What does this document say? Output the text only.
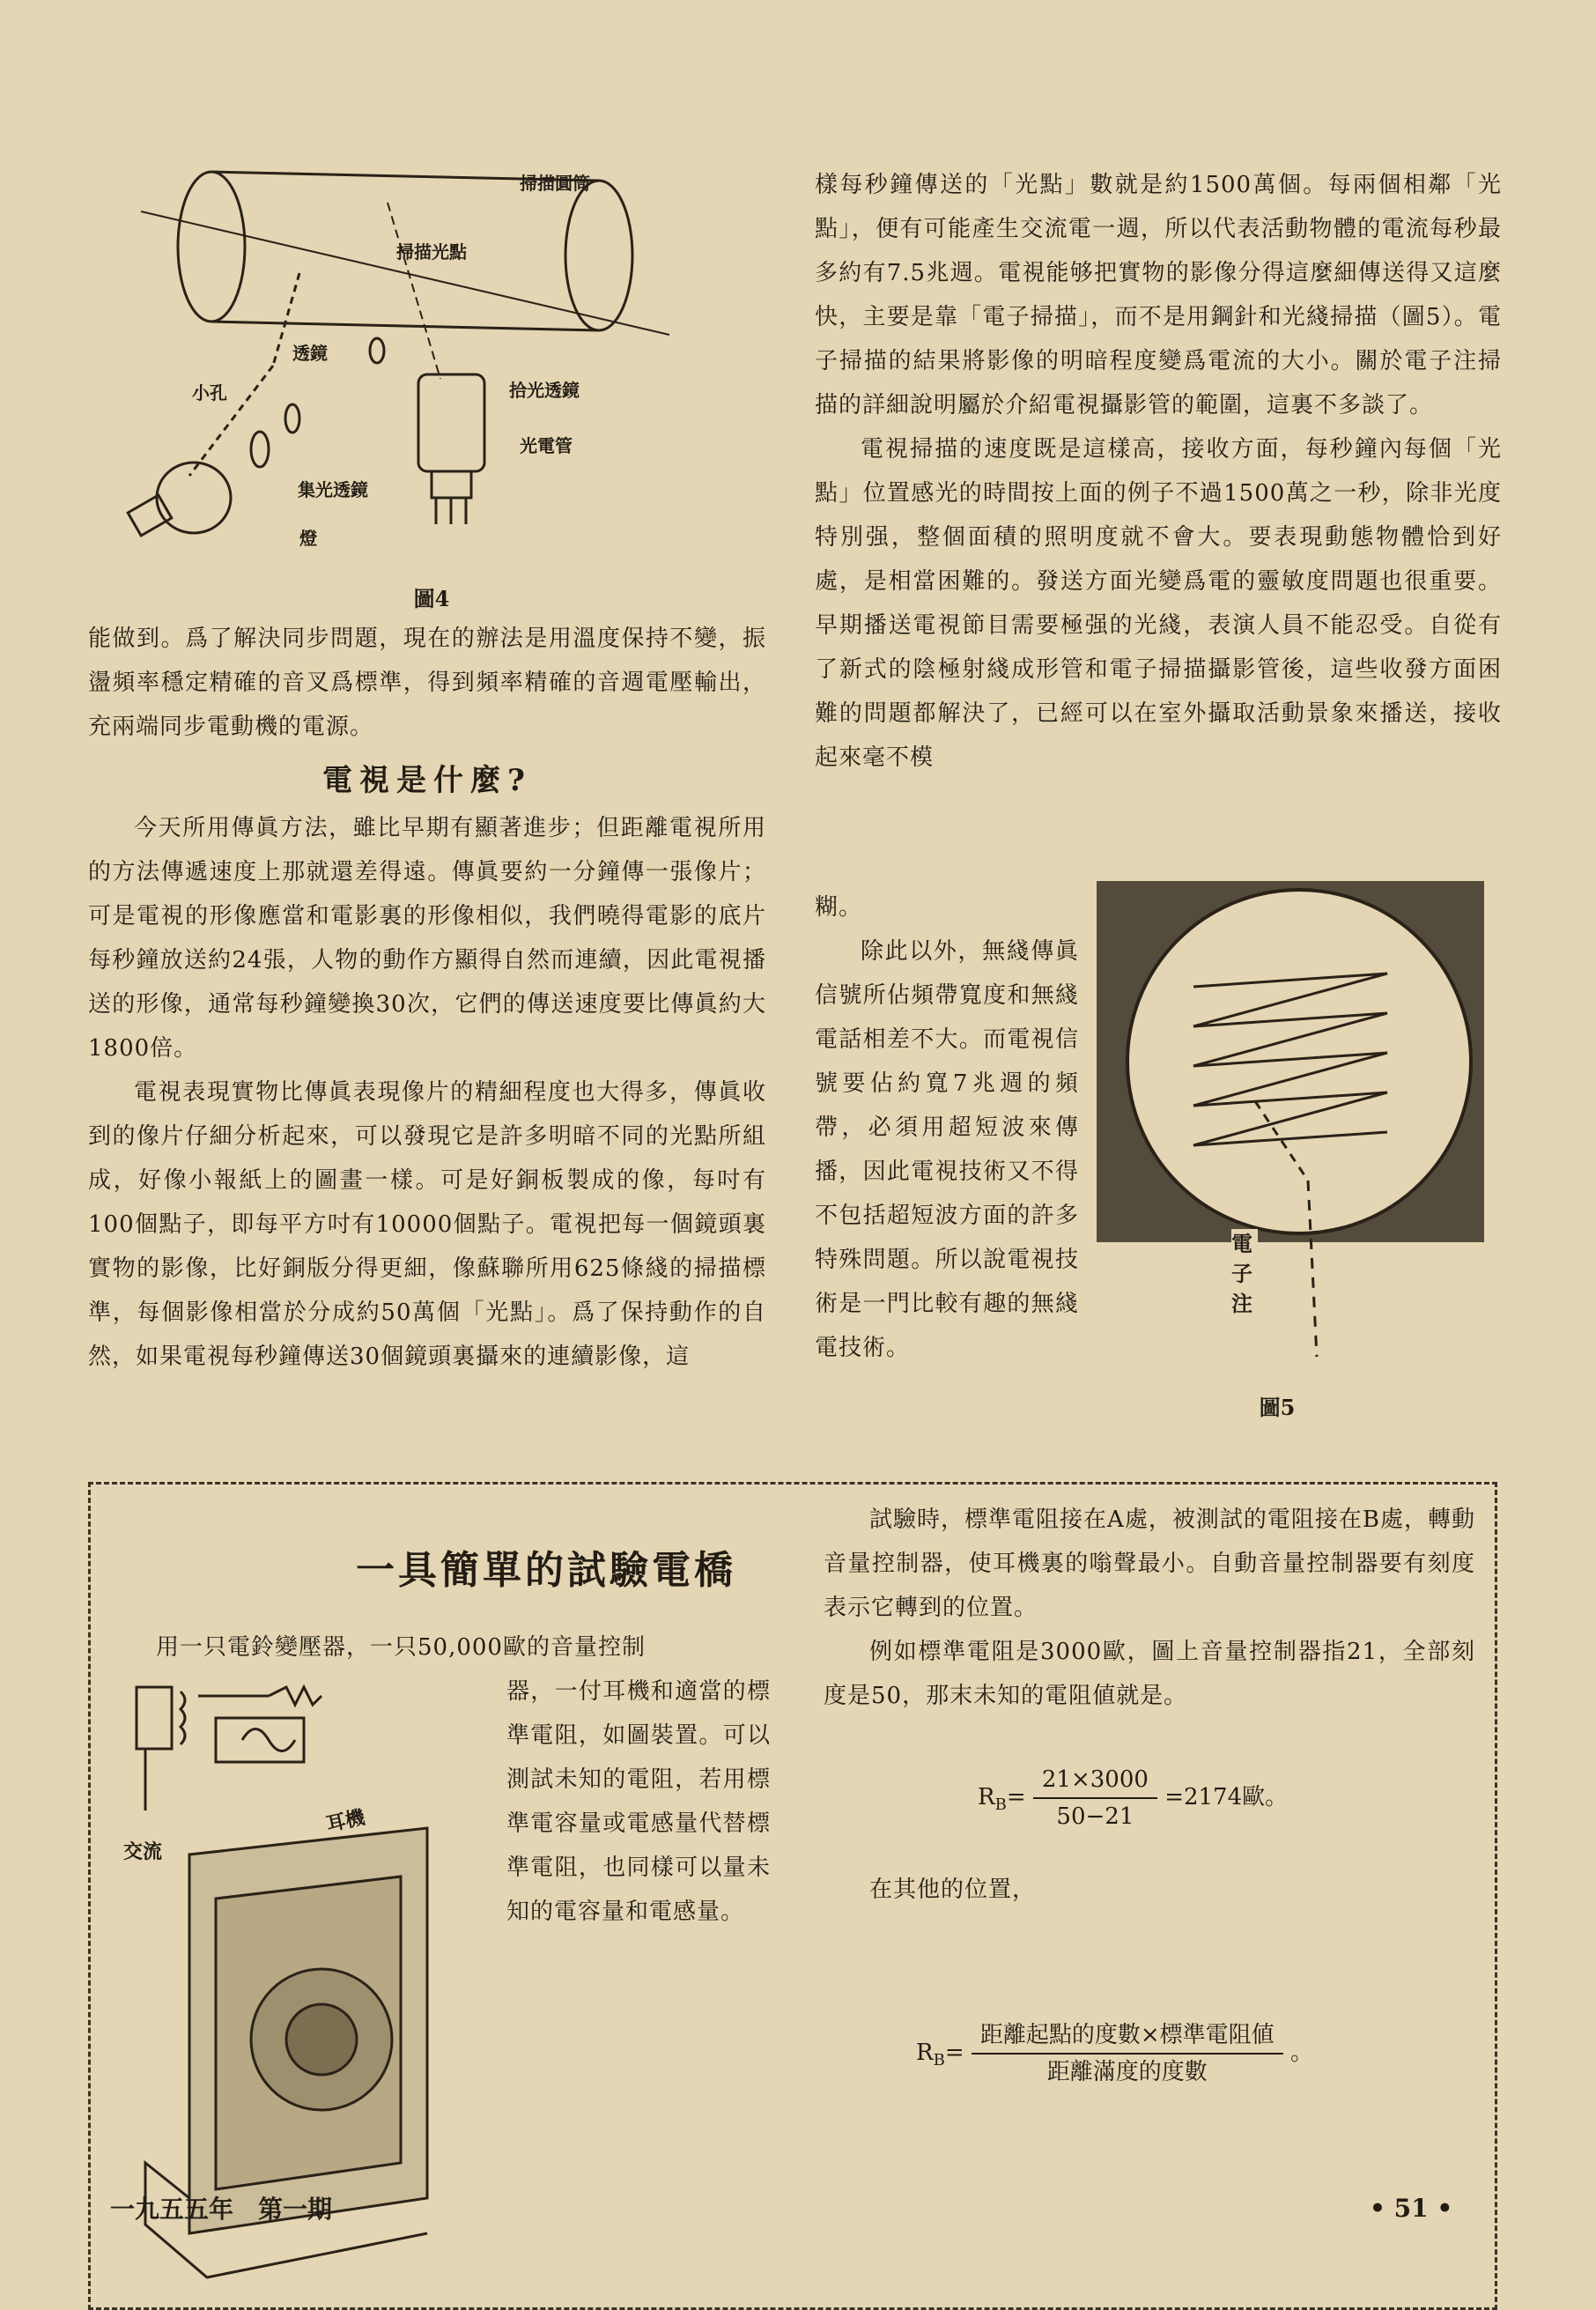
掃描圓筒
掃描光點
透鏡
小孔	拾光透鏡
光電管
集光透鏡
燈
圖4

能做到。爲了解決同步問題，現在的辦法是用溫度保持不變，振盪頻率穩定精確的音叉爲標準，得到頻率精確的音週電壓輸出，充兩端同步電動機的電源。

電視是什麼?

今天所用傳眞方法，雖比早期有顯著進步；但距離電視所用的方法傳遞速度上那就還差得遠。傳眞要約一分鐘傳一張像片；可是電視的形像應當和電影裏的形像相似，我們曉得電影的底片每秒鐘放送約24張，人物的動作方顯得自然而連續，因此電視播送的形像，通常每秒鐘變換30次，它們的傳送速度要比傳眞約大1800倍。

電視表現實物比傳眞表現像片的精細程度也大得多，傳眞收到的像片仔細分析起來，可以發現它是許多明暗不同的光點所組成，好像小報紙上的圖畫一樣。可是好銅板製成的像，每吋有100個點子，即每平方吋有10000個點子。電視把每一個鏡頭裏實物的影像，比好銅版分得更細，像蘇聯所用625條綫的掃描標準，每個影像相當於分成約50萬個「光點」。爲了保持動作的自然，如果電視每秒鐘傳送30個鏡頭裏攝來的連續影像，這

樣每秒鐘傳送的「光點」數就是約1500萬個。每兩個相鄰「光點」，便有可能產生交流電一週，所以代表活動物體的電流每秒最多約有7.5兆週。電視能够把實物的影像分得這麼細傳送得又這麼快，主要是靠「電子掃描」，而不是用鋼針和光綫掃描（圖5）。電子掃描的結果將影像的明暗程度變爲電流的大小。關於電子注掃描的詳細說明屬於介紹電視攝影管的範圍，這裏不多談了。

電視掃描的速度既是這樣高，接收方面，每秒鐘內每個「光點」位置感光的時間按上面的例子不過1500萬之一秒，除非光度特別强，整個面積的照明度就不會大。要表現動態物體恰到好處，是相當困難的。發送方面光變爲電的靈敏度問題也很重要。早期播送電視節目需要極强的光綫，表演人員不能忍受。自從有了新式的陰極射綫成形管和電子掃描攝影管後，這些收發方面困難的問題都解決了，已經可以在室外攝取活動景象來播送，接收起來毫不模

糊。

除此以外，無綫傳眞信號所佔頻帶寬度和無綫電話相差不大。而電視信號要佔約寬7兆週的頻帶，必須用超短波來傳播，因此電視技術又不得不包括超短波方面的許多特殊問題。所以說電視技術是一門比較有趣的無綫電技術。

電子注
圖5
一具簡單的試驗電橋

用一只電鈴變壓器，一只50,000歐的音量控制

器，一付耳機和適當的標準電阻，如圖裝置。可以測試未知的電阻，若用標準電容量或電感量代替標準電阻，也同樣可以量未知的電容量和電感量。

耳機
交流

試驗時，標準電阻接在A處，被測試的電阻接在B處，轉動音量控制器，使耳機裏的嗡聲最小。自動音量控制器要有刻度表示它轉到的位置。

例如標準電阻是3000歐，圖上音量控制器指21，全部刻度是50，那末未知的電阻値就是。

$R_B= \frac{21\times 3000}{50-21} =2174$歐。

在其他的位置，

$R_B= \frac{\text{距離起點的度數×標準電阻値}}{\text{距離滿度的度數}}$ 。
一九五五年　第一期	• 51 •
